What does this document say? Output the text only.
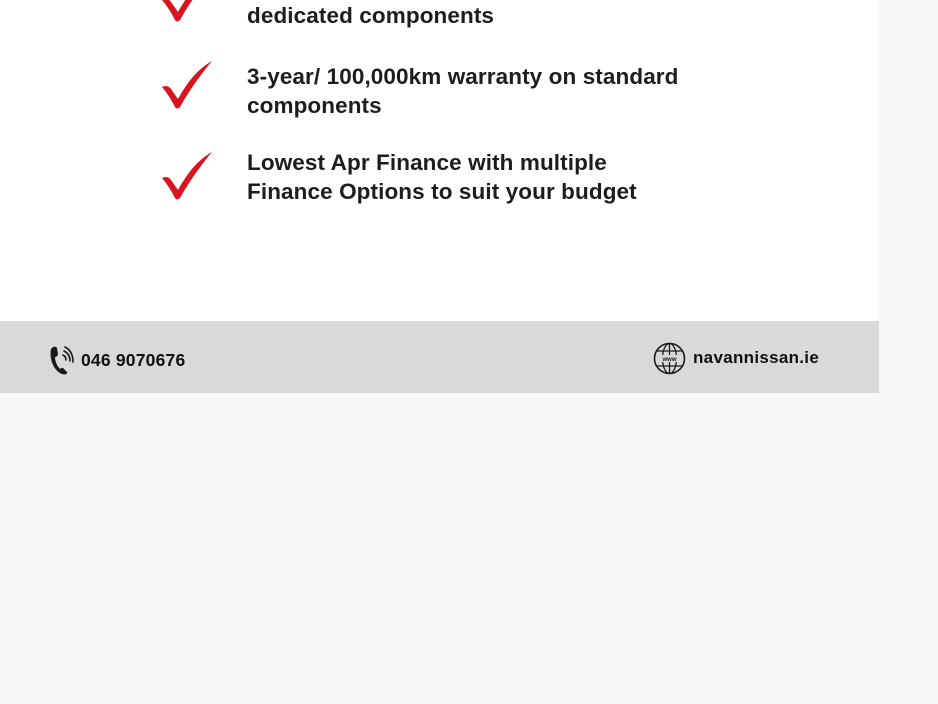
dedicated components
3-year/ 100,000km warranty on standard
components
Lowest Apr Finance with multiple
Finance Options to suit your budget
046 9070676	www navannissan.ie
